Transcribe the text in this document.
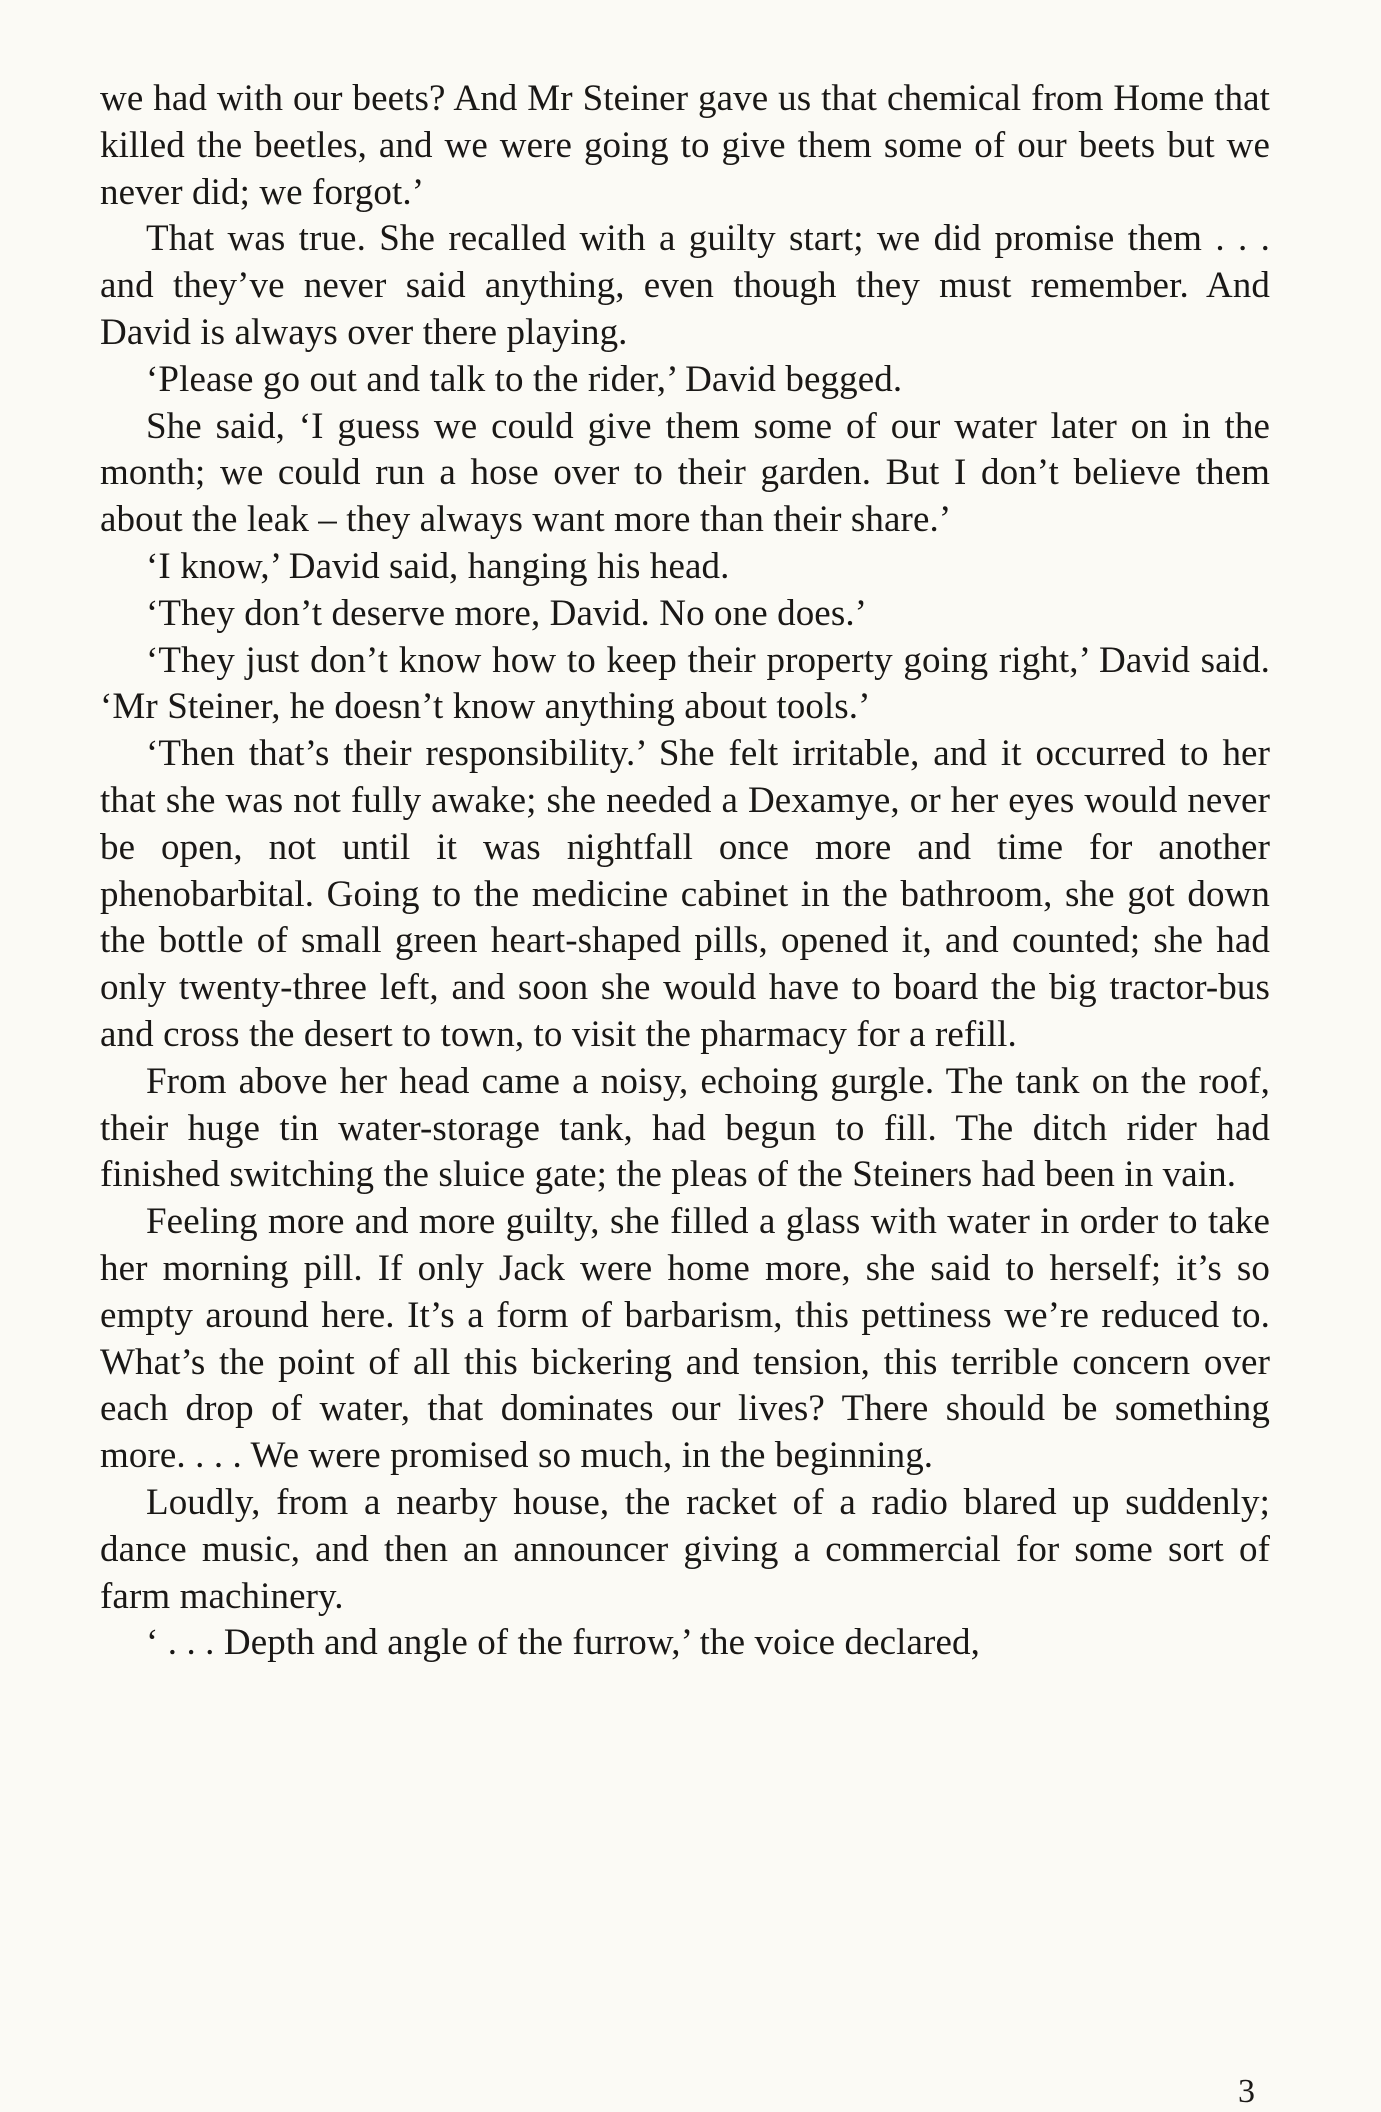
we had with our beets? And Mr Steiner gave us that chemical from Home that killed the beetles, and we were going to give them some of our beets but we never did; we forgot.’

That was true. She recalled with a guilty start; we did promise them . . . and they’ve never said anything, even though they must remember. And David is always over there playing.

‘Please go out and talk to the rider,’ David begged.

She said, ‘I guess we could give them some of our water later on in the month; we could run a hose over to their garden. But I don’t believe them about the leak – they always want more than their share.’

‘I know,’ David said, hanging his head.

‘They don’t deserve more, David. No one does.’

‘They just don’t know how to keep their property going right,’ David said. ‘Mr Steiner, he doesn’t know anything about tools.’

‘Then that’s their responsibility.’ She felt irritable, and it occurred to her that she was not fully awake; she needed a Dexamye, or her eyes would never be open, not until it was nightfall once more and time for another phenobarbital. Going to the medicine cabinet in the bathroom, she got down the bottle of small green heart-shaped pills, opened it, and counted; she had only twenty-three left, and soon she would have to board the big tractor-bus and cross the desert to town, to visit the pharmacy for a refill.

From above her head came a noisy, echoing gurgle. The tank on the roof, their huge tin water-storage tank, had begun to fill. The ditch rider had finished switching the sluice gate; the pleas of the Steiners had been in vain.

Feeling more and more guilty, she filled a glass with water in order to take her morning pill. If only Jack were home more, she said to herself; it’s so empty around here. It’s a form of barbarism, this pettiness we’re reduced to. What’s the point of all this bickering and tension, this terrible concern over each drop of water, that dominates our lives? There should be something more. . . . We were promised so much, in the beginning.

Loudly, from a nearby house, the racket of a radio blared up suddenly; dance music, and then an announcer giving a commercial for some sort of farm machinery.

‘ . . . Depth and angle of the furrow,’ the voice declared,

3
